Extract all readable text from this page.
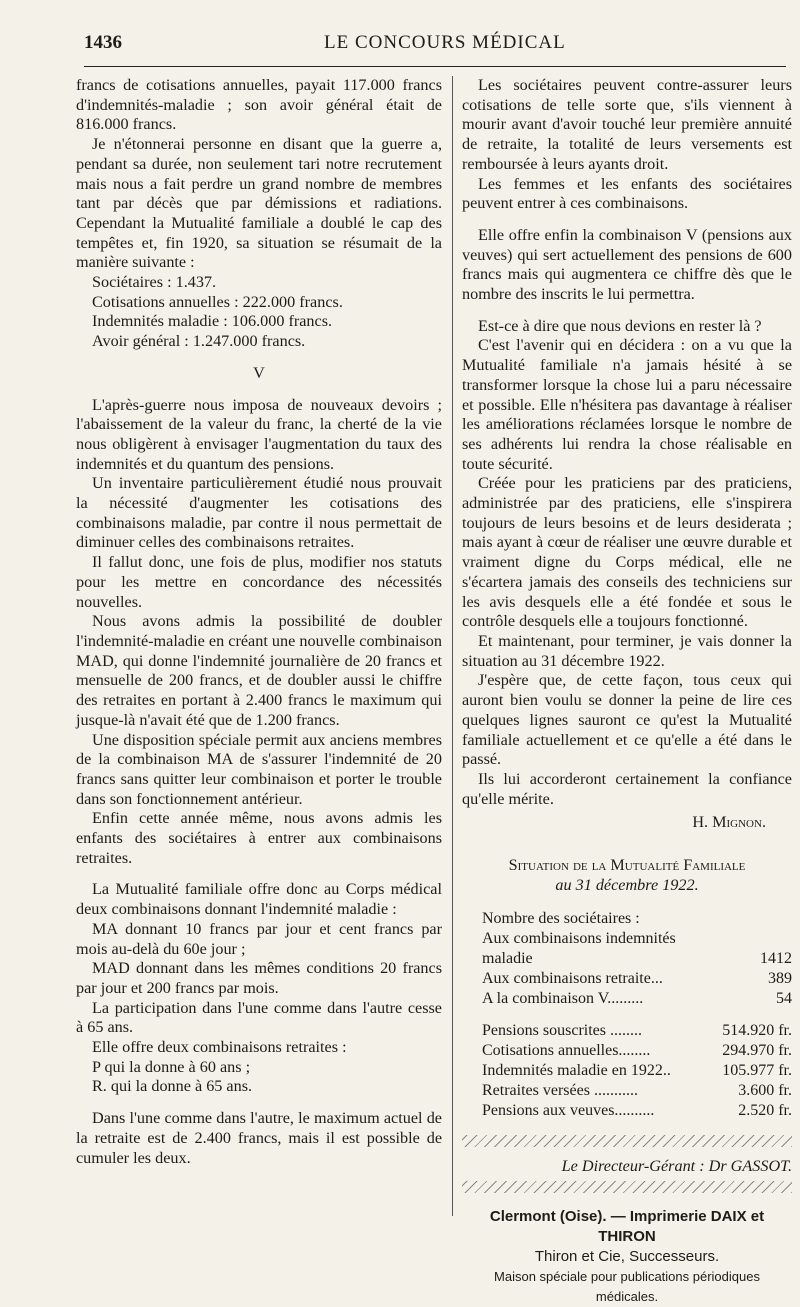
1436	LE CONCOURS MÉDICAL

francs de cotisations annuelles, payait 117.000 francs d'indemnités-maladie ; son avoir général était de 816.000 francs.

Je n'étonnerai personne en disant que la guerre a, pendant sa durée, non seulement tari notre recrutement mais nous a fait perdre un grand nombre de membres tant par décès que par démissions et radiations. Cependant la Mutualité familiale a doublé le cap des tempêtes et, fin 1920, sa situation se résumait de la manière suivante :

Sociétaires : 1.437.

Cotisations annuelles : 222.000 francs.

Indemnités maladie : 106.000 francs.

Avoir général : 1.247.000 francs.

V

L'après-guerre nous imposa de nouveaux devoirs ; l'abaissement de la valeur du franc, la cherté de la vie nous obligèrent à envisager l'augmentation du taux des indemnités et du quantum des pensions.

Un inventaire particulièrement étudié nous prouvait la nécessité d'augmenter les cotisations des combinaisons maladie, par contre il nous permettait de diminuer celles des combinaisons retraites.

Il fallut donc, une fois de plus, modifier nos statuts pour les mettre en concordance des nécessités nouvelles.

Nous avons admis la possibilité de doubler l'indemnité-maladie en créant une nouvelle combinaison MAD, qui donne l'indemnité journalière de 20 francs et mensuelle de 200 francs, et de doubler aussi le chiffre des retraites en portant à 2.400 francs le maximum qui jusque-là n'avait été que de 1.200 francs.

Une disposition spéciale permit aux anciens membres de la combinaison MA de s'assurer l'indemnité de 20 francs sans quitter leur combinaison et porter le trouble dans son fonctionnement antérieur.

Enfin cette année même, nous avons admis les enfants des sociétaires à entrer aux combinaisons retraites.

La Mutualité familiale offre donc au Corps médical deux combinaisons donnant l'indemnité maladie :

MA donnant 10 francs par jour et cent francs par mois au-delà du 60e jour ;

MAD donnant dans les mêmes conditions 20 francs par jour et 200 francs par mois.

La participation dans l'une comme dans l'autre cesse à 65 ans.

Elle offre deux combinaisons retraites :

P qui la donne à 60 ans ;

R. qui la donne à 65 ans.

Dans l'une comme dans l'autre, le maximum actuel de la retraite est de 2.400 francs, mais il est possible de cumuler les deux.

Les sociétaires peuvent contre-assurer leurs cotisations de telle sorte que, s'ils viennent à mourir avant d'avoir touché leur première annuité de retraite, la totalité de leurs versements est remboursée à leurs ayants droit.

Les femmes et les enfants des sociétaires peuvent entrer à ces combinaisons.

Elle offre enfin la combinaison V (pensions aux veuves) qui sert actuellement des pensions de 600 francs mais qui augmentera ce chiffre dès que le nombre des inscrits le lui permettra.

Est-ce à dire que nous devions en rester là ?

C'est l'avenir qui en décidera : on a vu que la Mutualité familiale n'a jamais hésité à se transformer lorsque la chose lui a paru nécessaire et possible. Elle n'hésitera pas davantage à réaliser les améliorations réclamées lorsque le nombre de ses adhérents lui rendra la chose réalisable en toute sécurité.

Créée pour les praticiens par des praticiens, administrée par des praticiens, elle s'inspirera toujours de leurs besoins et de leurs desiderata ; mais ayant à cœur de réaliser une œuvre durable et vraiment digne du Corps médical, elle ne s'écartera jamais des conseils des techniciens sur les avis desquels elle a été fondée et sous le contrôle desquels elle a toujours fonctionné.

Et maintenant, pour terminer, je vais donner la situation au 31 décembre 1922.

J'espère que, de cette façon, tous ceux qui auront bien voulu se donner la peine de lire ces quelques lignes sauront ce qu'est la Mutualité familiale actuellement et ce qu'elle a été dans le passé.

Ils lui accorderont certainement la confiance qu'elle mérite.

H. Mignon.

Situation de la Mutualité Familiale
au 31 décembre 1922.
Nombre des sociétaires :	
Aux combinaisons indemnités	
maladie	1412
Aux combinaisons retraite...	389
A la combinaison V.........	54

Pensions souscrites ........	514.920 fr.
Cotisations annuelles........	294.970 fr.
Indemnités maladie en 1922..	105.977 fr.
Retraites versées ...........	3.600 fr.
Pensions aux veuves..........	2.520 fr.
Le Directeur-Gérant : Dr GASSOT.
Clermont (Oise). — Imprimerie DAIX et THIRON
Thiron et Cie, Successeurs.
Maison spéciale pour publications périodiques médicales.
